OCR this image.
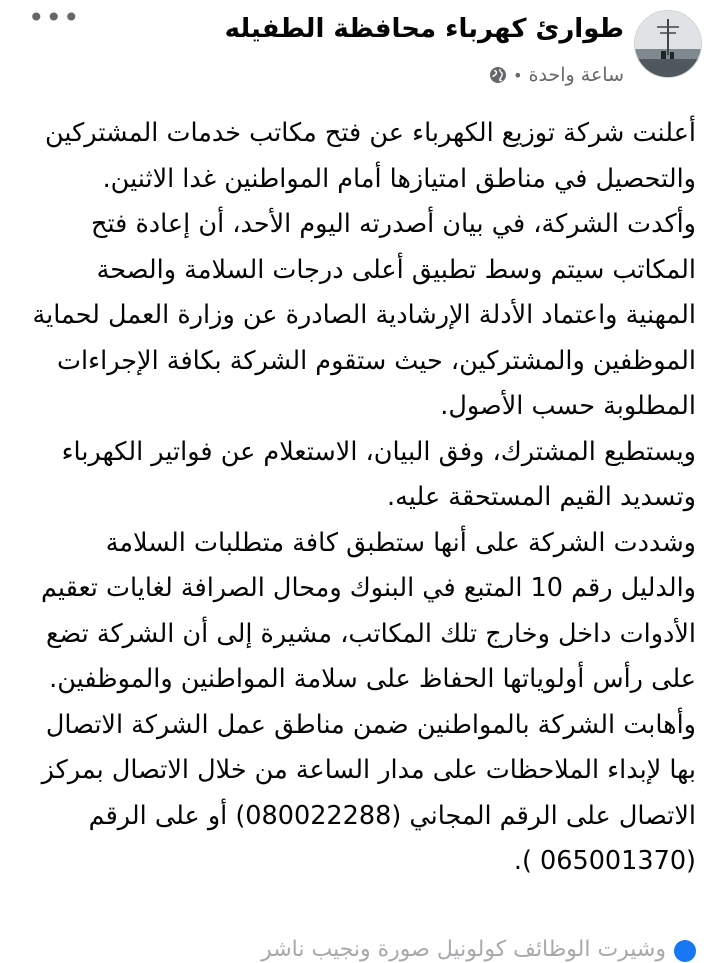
طوارئ كهرباء محافظة الطفيله
ساعة واحدة
•
•••

أعلنت شركة توزيع الكهرباء عن فتح مكاتب خدمات المشتركين والتحصيل في مناطق امتيازها أمام المواطنين غدا الاثنين.

وأكدت الشركة، في بيان أصدرته اليوم الأحد، أن إعادة فتح المكاتب سيتم وسط تطبيق أعلى درجات السلامة والصحة المهنية واعتماد الأدلة الإرشادية الصادرة عن وزارة العمل لحماية الموظفين والمشتركين، حيث ستقوم الشركة بكافة الإجراءات المطلوبة حسب الأصول.

ويستطيع المشترك، وفق البيان، الاستعلام عن فواتير الكهرباء وتسديد القيم المستحقة عليه.

وشددت الشركة على أنها ستطبق كافة متطلبات السلامة والدليل رقم 10 المتبع في البنوك ومحال الصرافة لغايات تعقيم الأدوات داخل وخارج تلك المكاتب، مشيرة إلى أن الشركة تضع على رأس أولوياتها الحفاظ على سلامة المواطنين والموظفين.

وأهابت الشركة بالمواطنين ضمن مناطق عمل الشركة الاتصال بها لإبداء الملاحظات على مدار الساعة من خلال الاتصال بمركز الاتصال على الرقم المجاني (080022288) أو على الرقم (065001370 ).

وشيرت الوظائف كولونيل صورة ونجيب ناشر
